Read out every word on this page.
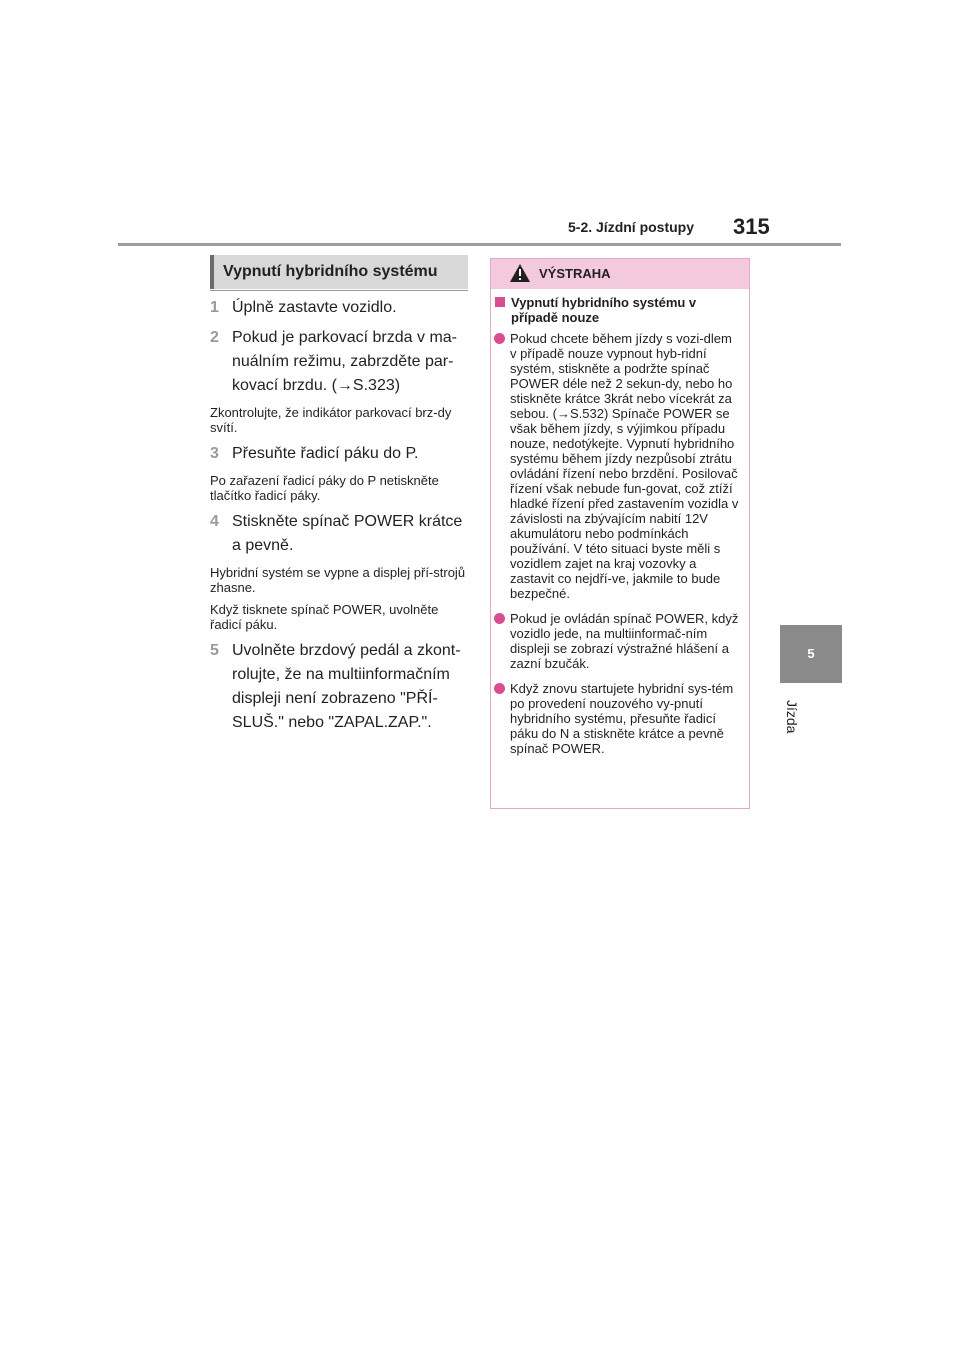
5-2. Jízdní postupy 315
5
Jízda
Vypnutí hybridního systému
1 Úplně zastavte vozidlo.
2 Pokud je parkovací brzda v ma-nuálním režimu, zabrzděte par-kovací brzdu. (→S.323)
Zkontrolujte, že indikátor parkovací brz-dy svítí.
3 Přesuňte řadicí páku do P.
Po zařazení řadicí páky do P netiskněte tlačítko řadicí páky.
4 Stiskněte spínač POWER krátce a pevně.
Hybridní systém se vypne a displej pří-strojů zhasne.
Když tisknete spínač POWER, uvolněte řadicí páku.
5 Uvolněte brzdový pedál a zkont-rolujte, že na multiinformačním displeji není zobrazeno "PŘÍ-SLUŠ." nebo "ZAPAL.ZAP.".
VÝSTRAHA
Vypnutí hybridního systému v případě nouze
Pokud chcete během jízdy s vozi-dlem v případě nouze vypnout hyb-ridní systém, stiskněte a podržte spínač POWER déle než 2 sekun-dy, nebo ho stiskněte krátce 3krát nebo vícekrát za sebou. (→S.532) Spínače POWER se však během jízdy, s výjimkou případu nouze, nedotýkejte. Vypnutí hybridního systému během jízdy nezpůsobí ztrátu ovládání řízení nebo brzdění. Posilovač řízení však nebude fun-govat, což ztíží hladké řízení před zastavením vozidla v závislosti na zbývajícím nabití 12V akumulátoru nebo podmínkách používání. V této situaci byste měli s vozidlem zajet na kraj vozovky a zastavit co nejdří-ve, jakmile to bude bezpečné.
Pokud je ovládán spínač POWER, když vozidlo jede, na multiinformač-ním displeji se zobrazí výstražné hlášení a zazní bzučák.
Když znovu startujete hybridní sys-tém po provedení nouzového vy-pnutí hybridního systému, přesuňte řadicí páku do N a stiskněte krátce a pevně spínač POWER.
